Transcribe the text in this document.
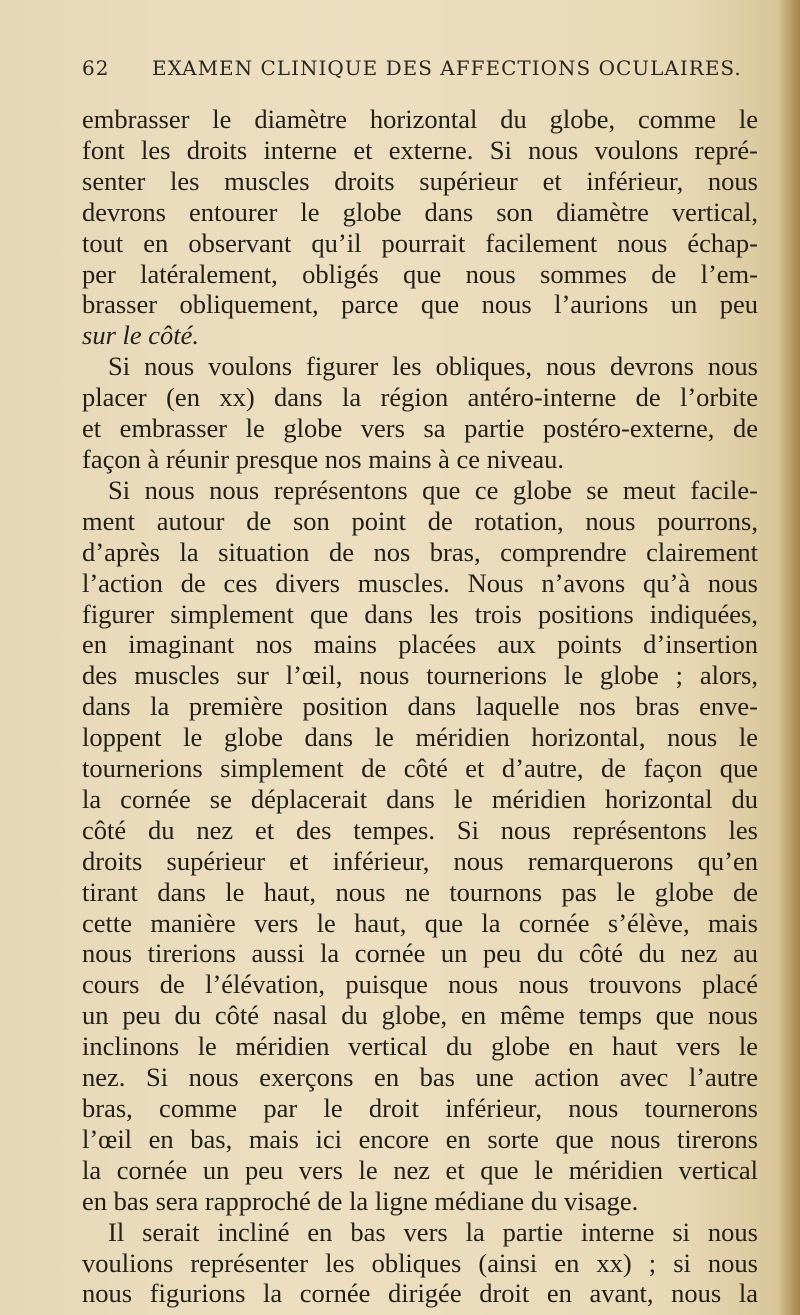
62 EXAMEN CLINIQUE DES AFFECTIONS OCULAIRES.
embrasser le diamètre horizontal du globe, comme le
font les droits interne et externe. Si nous voulons repré-
senter les muscles droits supérieur et inférieur, nous
devrons entourer le globe dans son diamètre vertical,
tout en observant qu’il pourrait facilement nous échap-
per latéralement, obligés que nous sommes de l’em-
brasser obliquement, parce que nous l’aurions un peu
sur le côté.
Si nous voulons figurer les obliques, nous devrons nous
placer (en xx) dans la région antéro-interne de l’orbite
et embrasser le globe vers sa partie postéro-externe, de
façon à réunir presque nos mains à ce niveau.
Si nous nous représentons que ce globe se meut facile-
ment autour de son point de rotation, nous pourrons,
d’après la situation de nos bras, comprendre clairement
l’action de ces divers muscles. Nous n’avons qu’à nous
figurer simplement que dans les trois positions indiquées,
en imaginant nos mains placées aux points d’insertion
des muscles sur l’œil, nous tournerions le globe ; alors,
dans la première position dans laquelle nos bras enve-
loppent le globe dans le méridien horizontal, nous le
tournerions simplement de côté et d’autre, de façon que
la cornée se déplacerait dans le méridien horizontal du
côté du nez et des tempes. Si nous représentons les
droits supérieur et inférieur, nous remarquerons qu’en
tirant dans le haut, nous ne tournons pas le globe de
cette manière vers le haut, que la cornée s’élève, mais
nous tirerions aussi la cornée un peu du côté du nez au
cours de l’élévation, puisque nous nous trouvons placé
un peu du côté nasal du globe, en même temps que nous
inclinons le méridien vertical du globe en haut vers le
nez. Si nous exerçons en bas une action avec l’autre
bras, comme par le droit inférieur, nous tournerons
l’œil en bas, mais ici encore en sorte que nous tirerons
la cornée un peu vers le nez et que le méridien vertical
en bas sera rapproché de la ligne médiane du visage.
Il serait incliné en bas vers la partie interne si nous
voulions représenter les obliques (ainsi en xx) ; si nous
nous figurions la cornée dirigée droit en avant, nous la
